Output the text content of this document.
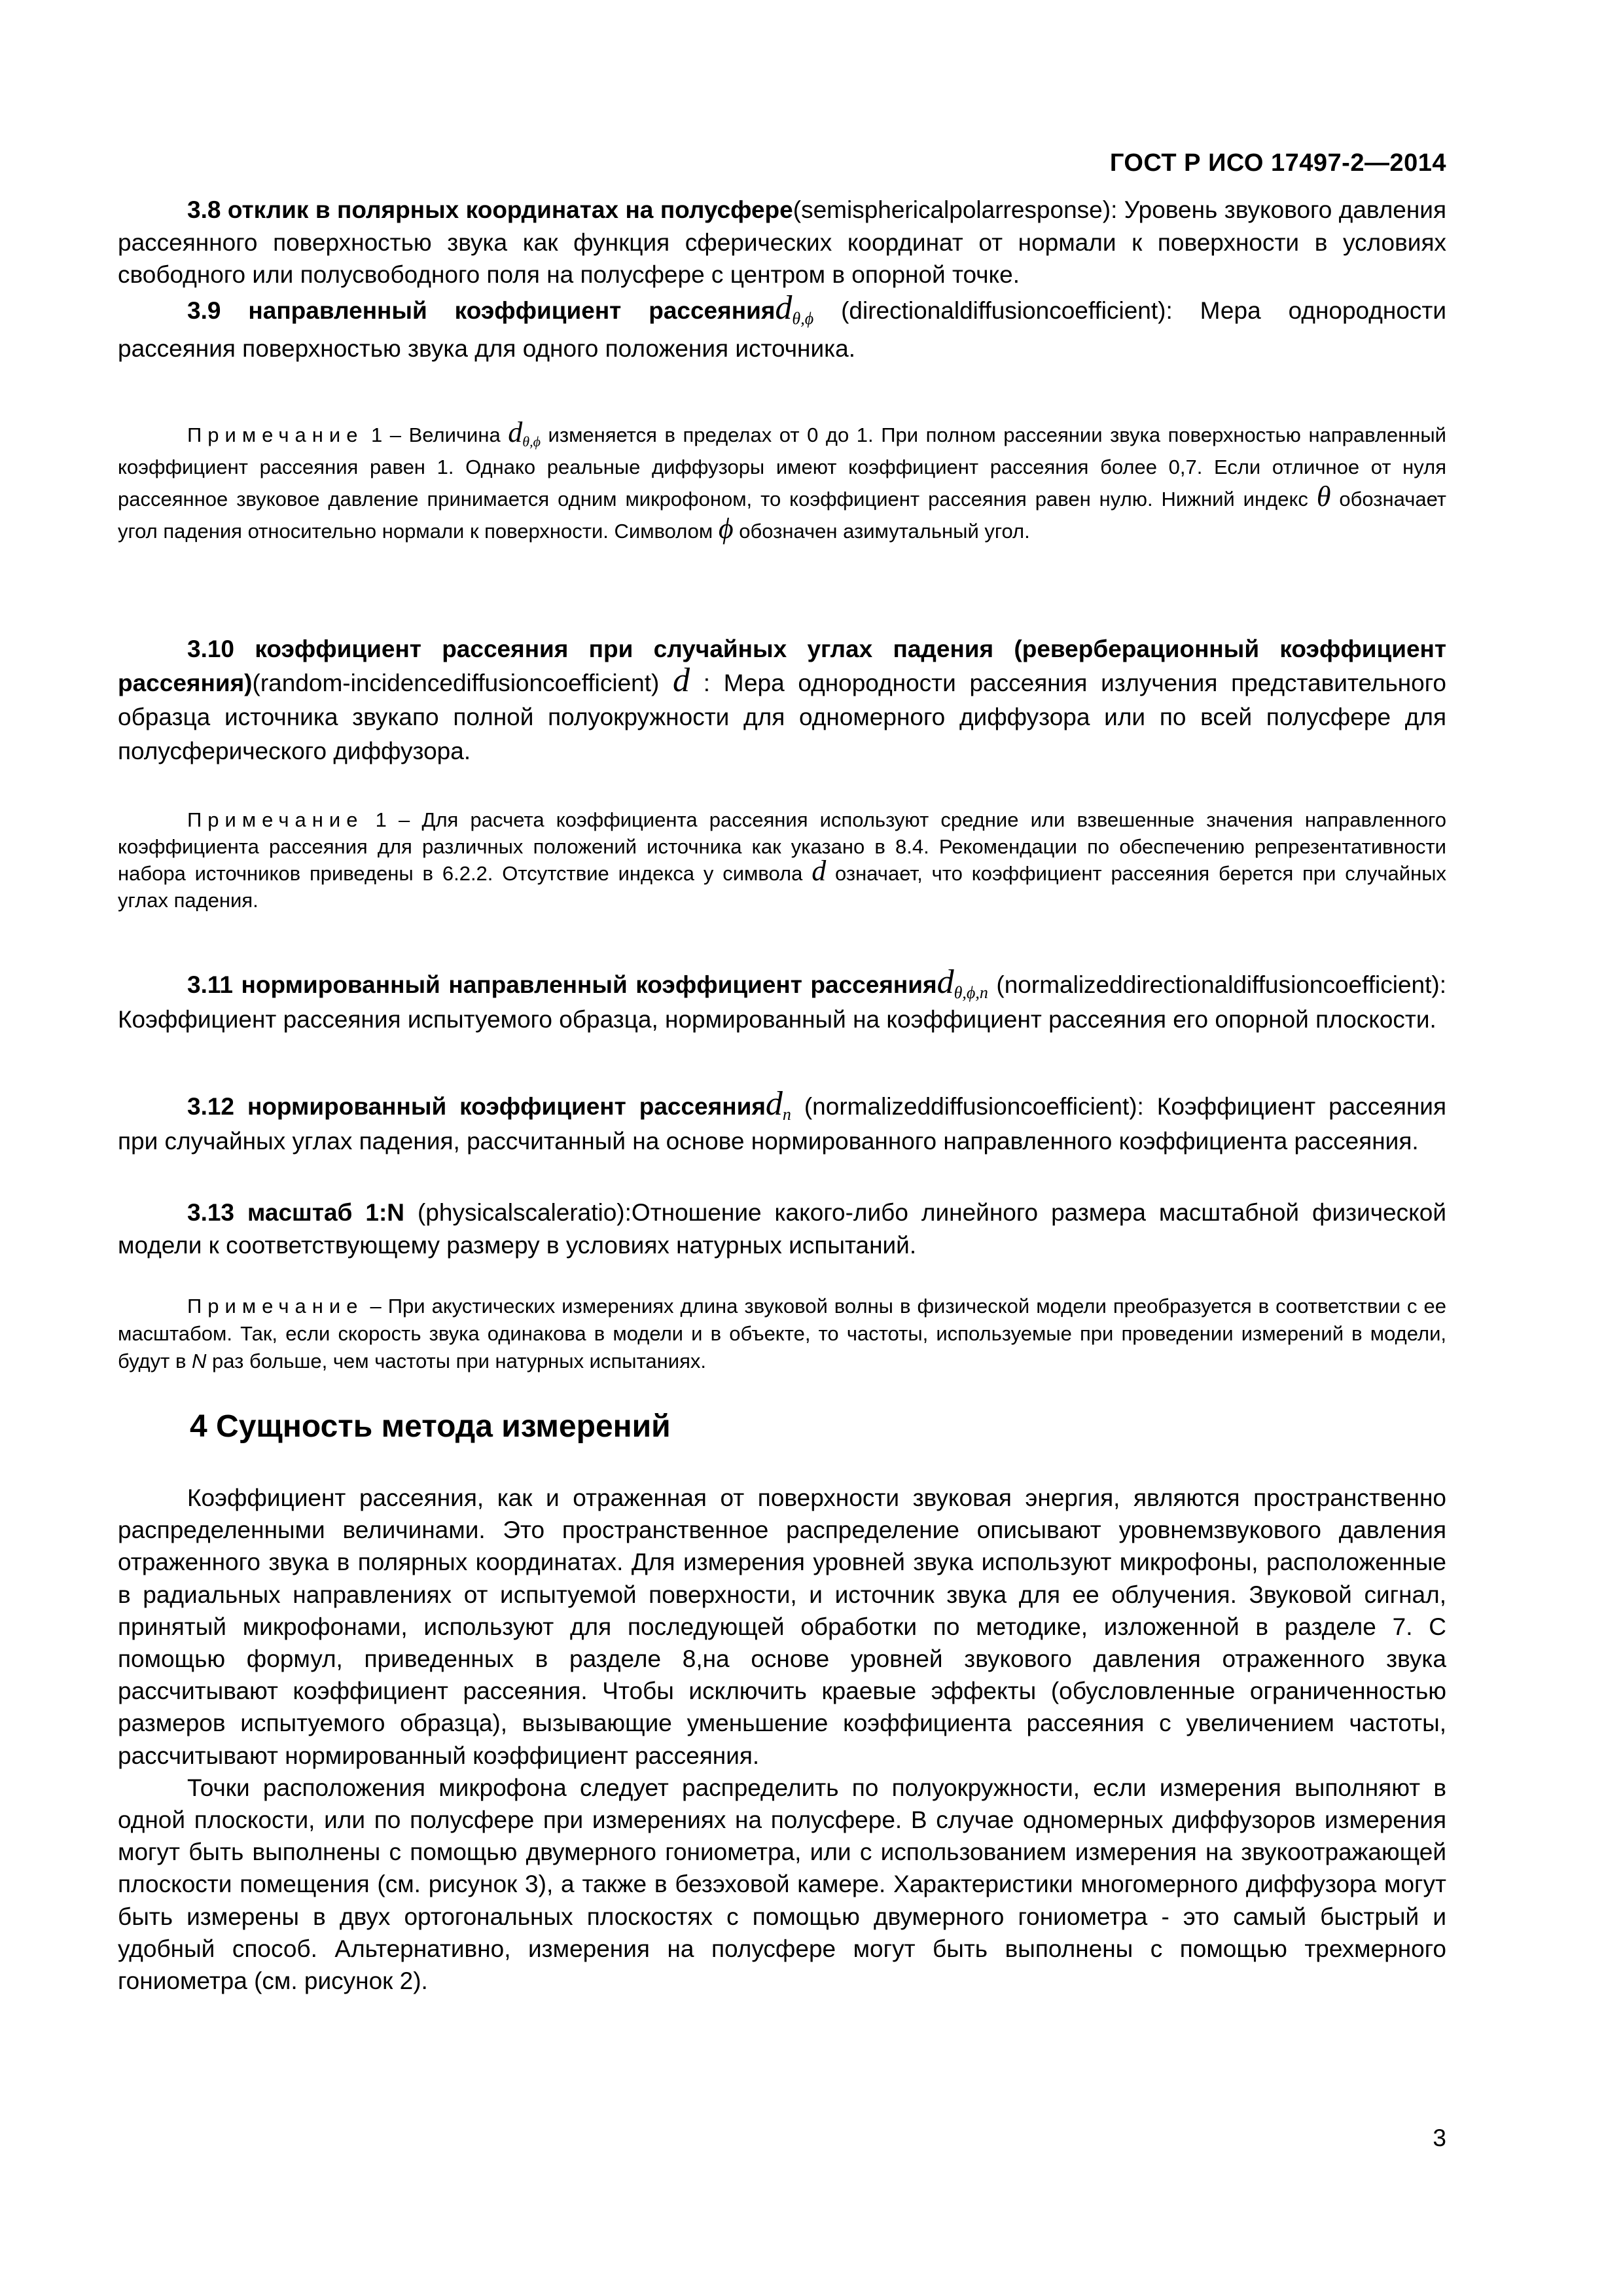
ГОСТ Р ИСО 17497-2—2014

3.8 отклик в полярных координатах на полусфере(semisphericalpolarresponse): Уровень звукового давления рассеянного поверхностью звука как функция сферических координат от нормали к поверхности в условиях свободного или полусвободного поля на полусфере с центром в опорной точке.

3.9 направленный коэффициент рассеянияd$_{\theta,\phi}$ (directionaldiffusioncoefficient): Мера однородности рассеяния поверхностью звука для одного положения источника.

Примечание 1 – Величина $d_{\theta,\phi}$ изменяется в пределах от 0 до 1. При полном рассеянии звука поверхностью направленный коэффициент рассеяния равен 1. Однако реальные диффузоры имеют коэффициент рассеяния более 0,7. Если отличное от нуля рассеянное звуковое давление принимается одним микрофоном, то коэффициент рассеяния равен нулю. Нижний индекс θ обозначает угол падения относительно нормали к поверхности. Символом ϕ обозначен азимутальный угол.

3.10 коэффициент рассеяния при случайных углах падения (реверберационный коэффициент рассеяния)(random-incidencediffusioncoefficient) d : Мера однородности рассеяния излучения представительного образца источника звукапо полной полуокружности для одномерного диффузора или по всей полусфере для полусферического диффузора.

Примечание 1 – Для расчета коэффициента рассеяния используют средние или взвешенные значения направленного коэффициента рассеяния для различных положений источника как указано в 8.4. Рекомендации по обеспечению репрезентативности набора источников приведены в 6.2.2. Отсутствие индекса у символа d означает, что коэффициент рассеяния берется при случайных углах падения.

3.11 нормированный направленный коэффициент рассеянияd$_{\theta,\phi,n}$ (normalizeddirectionaldiffusioncoefficient): Коэффициент рассеяния испытуемого образца, нормированный на коэффициент рассеяния его опорной плоскости.

3.12 нормированный коэффициент рассеянияd$_n$ (normalizeddiffusioncoefficient): Коэффициент рассеяния при случайных углах падения, рассчитанный на основе нормированного направленного коэффициента рассеяния.

3.13 масштаб 1:N (physicalscaleratio):Отношение какого-либо линейного размера масштабной физической модели к соответствующему размеру в условиях натурных испытаний.

Примечание – При акустических измерениях длина звуковой волны в физической модели преобразуется в соответствии с ее масштабом. Так, если скорость звука одинакова в модели и в объекте, то частоты, используемые при проведении измерений в модели, будут в N раз больше, чем частоты при натурных испытаниях.

4 Сущность метода измерений

Коэффициент рассеяния, как и отраженная от поверхности звуковая энергия, являются пространственно распределенными величинами. Это пространственное распределение описывают уровнемзвукового давления отраженного звука в полярных координатах. Для измерения уровней звука используют микрофоны, расположенные в радиальных направлениях от испытуемой поверхности, и источник звука для ее облучения. Звуковой сигнал, принятый микрофонами, используют для последующей обработки по методике, изложенной в разделе 7. С помощью формул, приведенных в разделе 8,на основе уровней звукового давления отраженного звука рассчитывают коэффициент рассеяния. Чтобы исключить краевые эффекты (обусловленные ограниченностью размеров испытуемого образца), вызывающие уменьшение коэффициента рассеяния с увеличением частоты, рассчитывают нормированный коэффициент рассеяния.

Точки расположения микрофона следует распределить по полуокружности, если измерения выполняют в одной плоскости, или по полусфере при измерениях на полусфере. В случае одномерных диффузоров измерения могут быть выполнены с помощью двумерного гониометра, или с использованием измерения на звукоотражающей плоскости помещения (см. рисунок 3), а также в безэховой камере. Характеристики многомерного диффузора могут быть измерены в двух ортогональных плоскостях с помощью двумерного гониометра - это самый быстрый и удобный способ. Альтернативно, измерения на полусфере могут быть выполнены с помощью трехмерного гониометра (см. рисунок 2).

3
